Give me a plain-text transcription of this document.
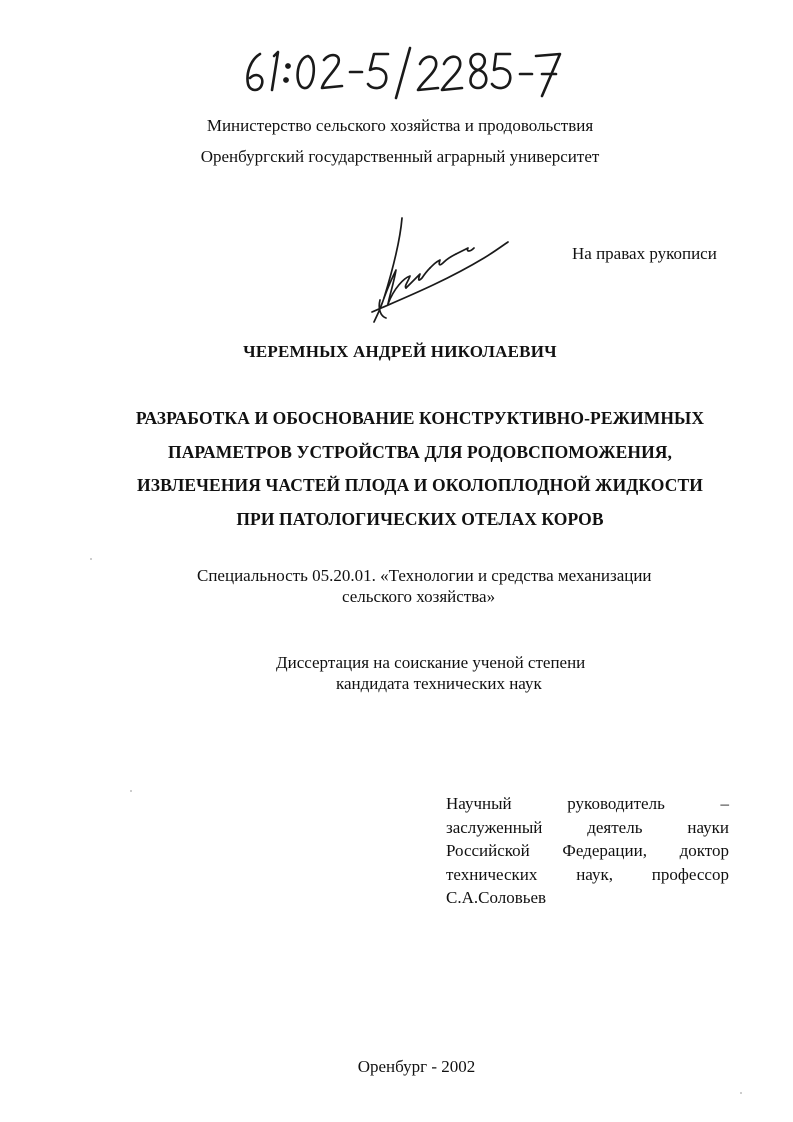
Министерство сельского хозяйства и продовольствия
Оренбургский государственный аграрный университет
На правах рукописи
ЧЕРЕМНЫХ АНДРЕЙ НИКОЛАЕВИЧ
РАЗРАБОТКА И ОБОСНОВАНИЕ КОНСТРУКТИВНО-РЕЖИМНЫХ
ПАРАМЕТРОВ УСТРОЙСТВА ДЛЯ РОДОВСПОМОЖЕНИЯ,
ИЗВЛЕЧЕНИЯ ЧАСТЕЙ ПЛОДА И ОКОЛОПЛОДНОЙ ЖИДКОСТИ
ПРИ ПАТОЛОГИЧЕСКИХ ОТЕЛАХ КОРОВ
Специальность 05.20.01. «Технологии и средства механизации
сельского хозяйства»
Диссертация на соискание ученой степени
кандидата технических наук
Научный	руководитель	–
заслуженный	деятель	науки
Российской Федерации, доктор
технических наук, профессор
С.А.Соловьев
Оренбург - 2002
